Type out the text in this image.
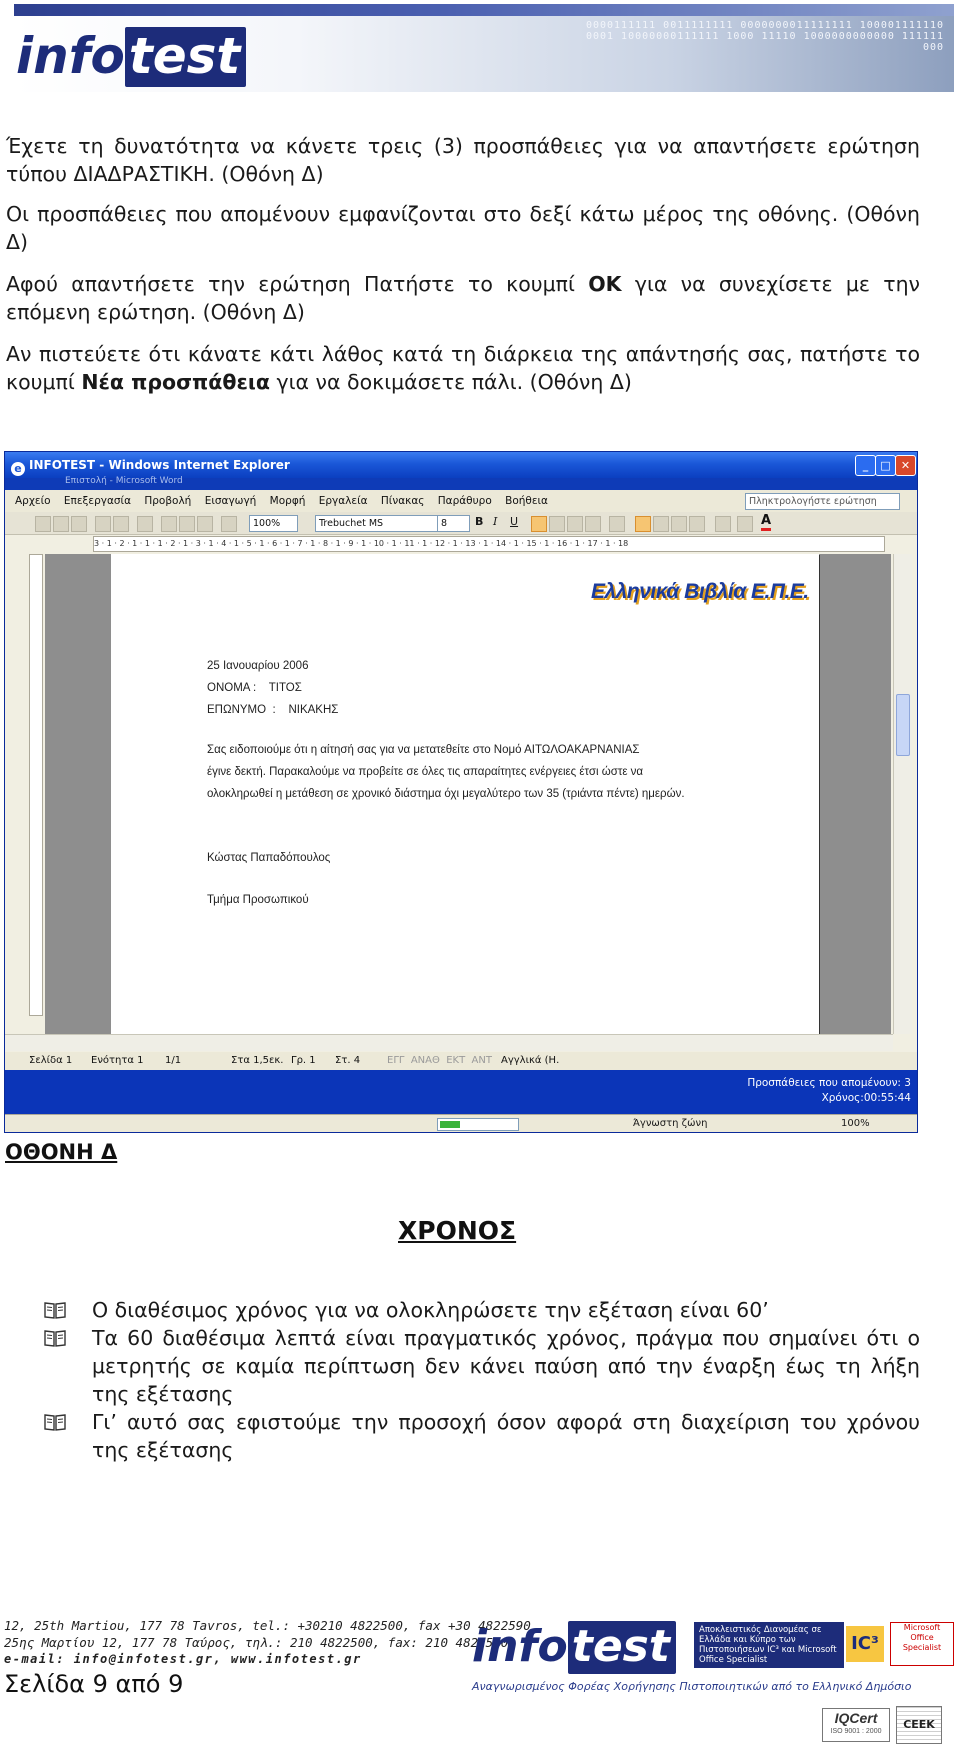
0000111111 0011111111 0000000011111111 1000011111100001 10000000111111 1000 11110 1000000000000 111111000
infotest
Έχετε τη δυνατότητα να κάνετε τρεις (3) προσπάθειες για να απαντήσετε ερώτηση τύπου ΔΙΑΔΡΑΣΤΙΚΗ. (Οθόνη Δ)
Οι προσπάθειες που απομένουν εμφανίζονται στο δεξί κάτω μέρος της οθόνης. (Οθόνη Δ)
Αφού απαντήσετε την ερώτηση Πατήστε το κουμπί ΟΚ για να συνεχίσετε με την επόμενη ερώτηση. (Οθόνη Δ)
Αν πιστεύετε ότι κάνατε κάτι λάθος κατά τη διάρκεια της απάντησής σας, πατήστε το κουμπί Νέα προσπάθεια για να δοκιμάσετε πάλι. (Οθόνη Δ)
e INFOTEST - Windows Internet Explorer	_	□ ✕
Επιστολή - Microsoft Word
Αρχείο Επεξεργασία Προβολή Εισαγωγή Μορφή Εργαλεία Πίνακας Παράθυρο Βοήθεια	Πληκτρολογήστε ερώτηση
100%	Trebuchet MS	8	B I U	A
3 · 1 · 2 · 1 · 1 · 1 · 2 · 1 · 3 · 1 · 4 · 1 · 5 · 1 · 6 · 1 · 7 · 1 · 8 · 1 · 9 · 1 · 10 · 1 · 11 · 1 · 12 · 1 · 13 · 1 · 14 · 1 · 15 · 1 · 16 · 1 · 17 · 1 · 18
Ελληνικά Βιβλία Ε.Π.Ε.
25 Ιανουαρίου 2006
ΟΝΟΜΑ :    ΤΙΤΟΣ
ΕΠΩΝΥΜΟ  :    ΝΙΚΑΚΗΣ
Σας ειδοποιούμε ότι η αίτησή σας για να μετατεθείτε στο Νομό ΑΙΤΩΛΟΑΚΑΡΝΑΝΙΑΣ
έγινε δεκτή. Παρακαλούμε να προβείτε σε όλες τις απαραίτητες ενέργειες έτσι ώστε να
ολοκληρωθεί η μετάθεση σε χρονικό διάστημα όχι μεγαλύτερο των 35 (τριάντα πέντε) ημερών.
Κώστας Παπαδόπουλος
Τμήμα Προσωπικού
Σελίδα 1 Ενότητα 1 1/1	Στα 1,5εκ. Γρ. 1 Στ. 4	ΕΓΓ  ΑΝΑΘ  ΕΚΤ  ΑΝΤ Αγγλικά (Η.
Προσπάθειες που απομένουν: 3
Χρόνος:00:55:44
Άγνωστη ζώνη	100%
ΟΘΟΝΗ Δ
ΧΡΟΝΟΣ
Ο διαθέσιμος χρόνος για να ολοκληρώσετε την εξέταση είναι 60’
Τα 60 διαθέσιμα λεπτά είναι πραγματικός χρόνος, πράγμα που σημαίνει ότι ο μετρητής σε καμία περίπτωση δεν κάνει παύση από την έναρξη έως τη λήξη της εξέτασης
Γι’ αυτό σας εφιστούμε την προσοχή όσον αφορά στη διαχείριση του χρόνου της εξέτασης
12, 25th Martiou, 177 78 Tavros, tel.: +30210 4822500, fax +30 4822590
25ης Μαρτίου 12, 177 78 Ταύρος, τηλ.: 210 4822500, fax: 210 4822590
e-mail: info@infotest.gr, www.infotest.gr
Σελίδα 9 από 9
infotest	Αποκλειστικός Διανομέας σε Ελλάδα και Κύπρο των Πιστοποιήσεων IC³ και Microsoft Office Specialist
IC³
Microsoft Office Specialist
Αναγνωρισμένος Φορέας Χορήγησης Πιστοποιητικών από το Ελληνικό Δημόσιο
IQCert
ISO 9001 : 2000
CEEK
